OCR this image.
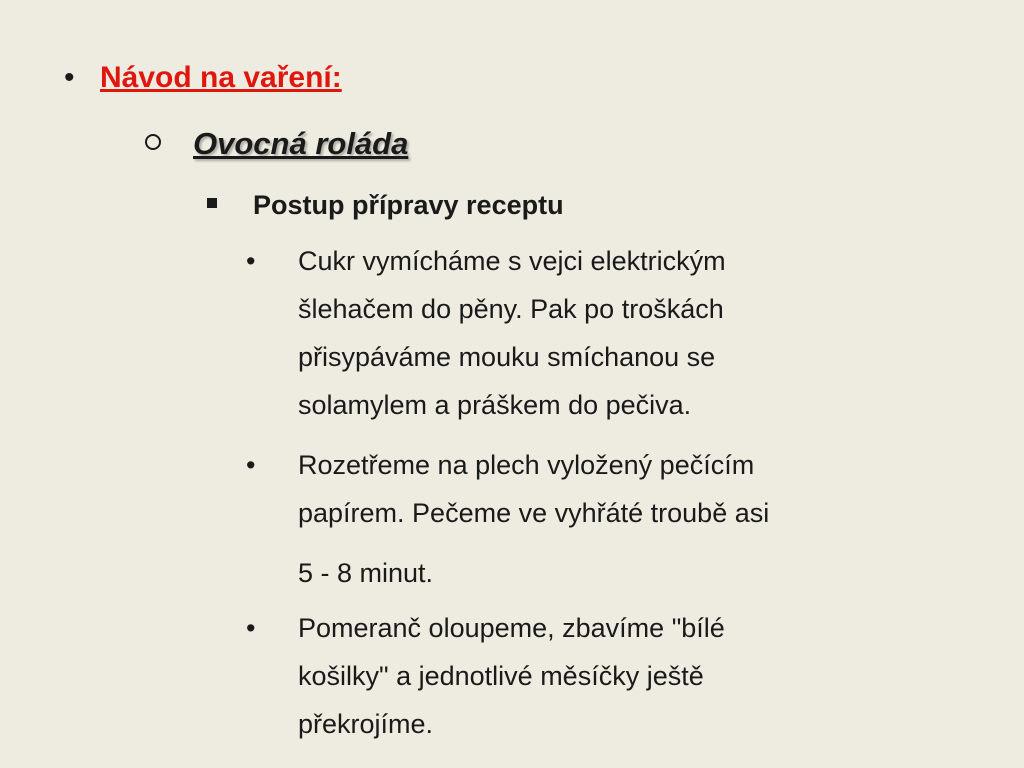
• Návod na vaření:
Ovocná roláda
Postup přípravy receptu
• Cukr vymícháme s vejci elektrickým
šlehačem do pěny. Pak po troškách
přisypáváme mouku smíchanou se
solamylem a práškem do pečiva.
• Rozetřeme na plech vyložený pečícím
papírem. Pečeme ve vyhřáté troubě asi
5 - 8 minut.
• Pomeranč oloupeme, zbavíme "bílé
košilky" a jednotlivé měsíčky ještě
překrojíme.
